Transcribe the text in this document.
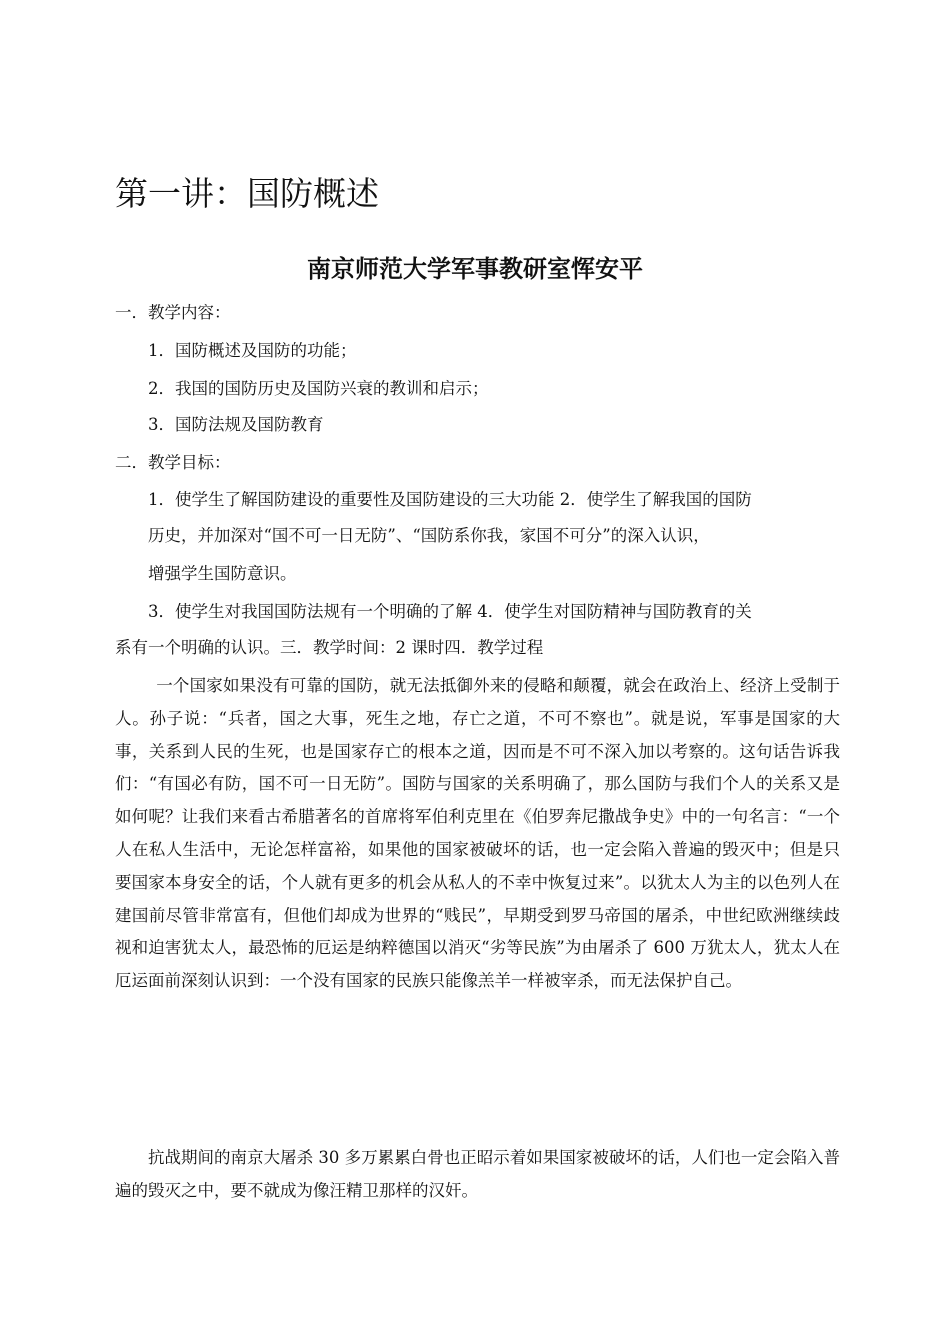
第一讲：国防概述
南京师范大学军事教研室恽安平

一．教学内容：

1．国防概述及国防的功能；

2．我国的国防历史及国防兴衰的教训和启示；

3．国防法规及国防教育

二．教学目标：

1．使学生了解国防建设的重要性及国防建设的三大功能 2．使学生了解我国的国防

历史，并加深对“国不可一日无防”、“国防系你我，家国不可分”的深入认识，

增强学生国防意识。

3．使学生对我国国防法规有一个明确的了解 4．使学生对国防精神与国防教育的关

系有一个明确的认识。三．教学时间：2 课时四．教学过程

一个国家如果没有可靠的国防，就无法抵御外来的侵略和颠覆，就会在政治上、经济上受制于人。孙子说：“兵者，国之大事，死生之地，存亡之道，不可不察也”。就是说，军事是国家的大事，关系到人民的生死，也是国家存亡的根本之道，因而是不可不深入加以考察的。这句话告诉我们：“有国必有防，国不可一日无防”。国防与国家的关系明确了，那么国防与我们个人的关系又是如何呢？让我们来看古希腊著名的首席将军伯利克里在《伯罗奔尼撒战争史》中的一句名言：“一个人在私人生活中，无论怎样富裕，如果他的国家被破坏的话，也一定会陷入普遍的毁灭中；但是只要国家本身安全的话，个人就有更多的机会从私人的不幸中恢复过来”。以犹太人为主的以色列人在建国前尽管非常富有，但他们却成为世界的“贱民”，早期受到罗马帝国的屠杀，中世纪欧洲继续歧视和迫害犹太人，最恐怖的厄运是纳粹德国以消灭“劣等民族”为由屠杀了 600 万犹太人，犹太人在厄运面前深刻认识到：一个没有国家的民族只能像羔羊一样被宰杀，而无法保护自己。

抗战期间的南京大屠杀 30 多万累累白骨也正昭示着如果国家被破坏的话，人们也一定会陷入普遍的毁灭之中，要不就成为像汪精卫那样的汉奸。
